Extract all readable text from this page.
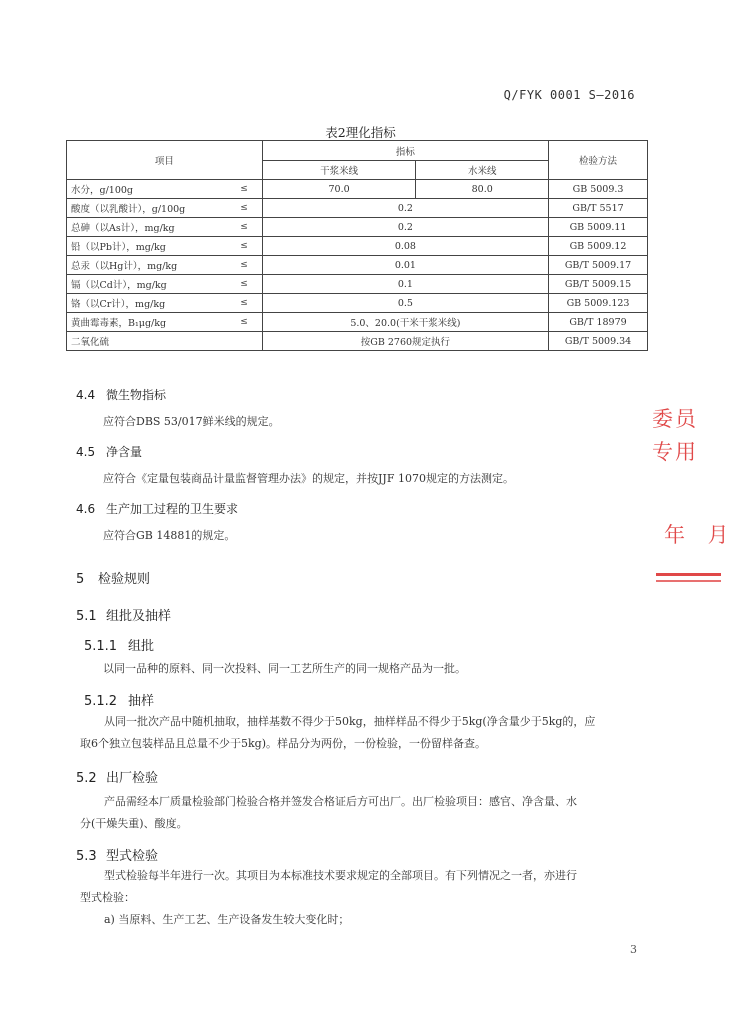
Q/FYK 0001 S—2016
表2理化指标
项目	指标		检验方法
	干浆米线	水米线	

水分，g/100g ≤	70.0	80.0	GB 5009.3

酸度（以乳酸计），g/100g ≤	0.2		GB/T 5517

总砷（以As计），mg/kg ≤	0.2		GB 5009.11

铅（以Pb计），mg/kg ≤	0.08		GB 5009.12

总汞（以Hg计），mg/kg ≤	0.01		GB/T 5009.17

镉（以Cd计），mg/kg ≤	0.1		GB/T 5009.15

铬（以Cr计），mg/kg ≤	0.5		GB 5009.123

黄曲霉毒素，B₁μg/kg ≤	5.0、20.0(干米干浆米线)		GB/T 18979

二氧化硫	按GB 2760规定执行		GB/T 5009.34
4.4 微生物指标
应符合DBS 53/017鲜米线的规定。
4.5 净含量
应符合《定量包装商品计量监督管理办法》的规定，并按JJF 1070规定的方法测定。
4.6 生产加工过程的卫生要求
应符合GB 14881的规定。
5 检验规则
5.1 组批及抽样
5.1.1 组批
以同一品种的原料、同一次投料、同一工艺所生产的同一规格产品为一批。
5.1.2 抽样
从同一批次产品中随机抽取，抽样基数不得少于50kg，抽样样品不得少于5kg(净含量少于5kg的，应
取6个独立包装样品且总量不少于5kg)。样品分为两份，一份检验，一份留样备查。
5.2 出厂检验
产品需经本厂质量检验部门检验合格并签发合格证后方可出厂。出厂检验项目：感官、净含量、水
分(干燥失重)、酸度。
5.3 型式检验
型式检验每半年进行一次。其项目为本标准技术要求规定的全部项目。有下列情况之一者，亦进行
型式检验：
a) 当原料、生产工艺、生产设备发生较大变化时；
委员
专用
年 月
3
